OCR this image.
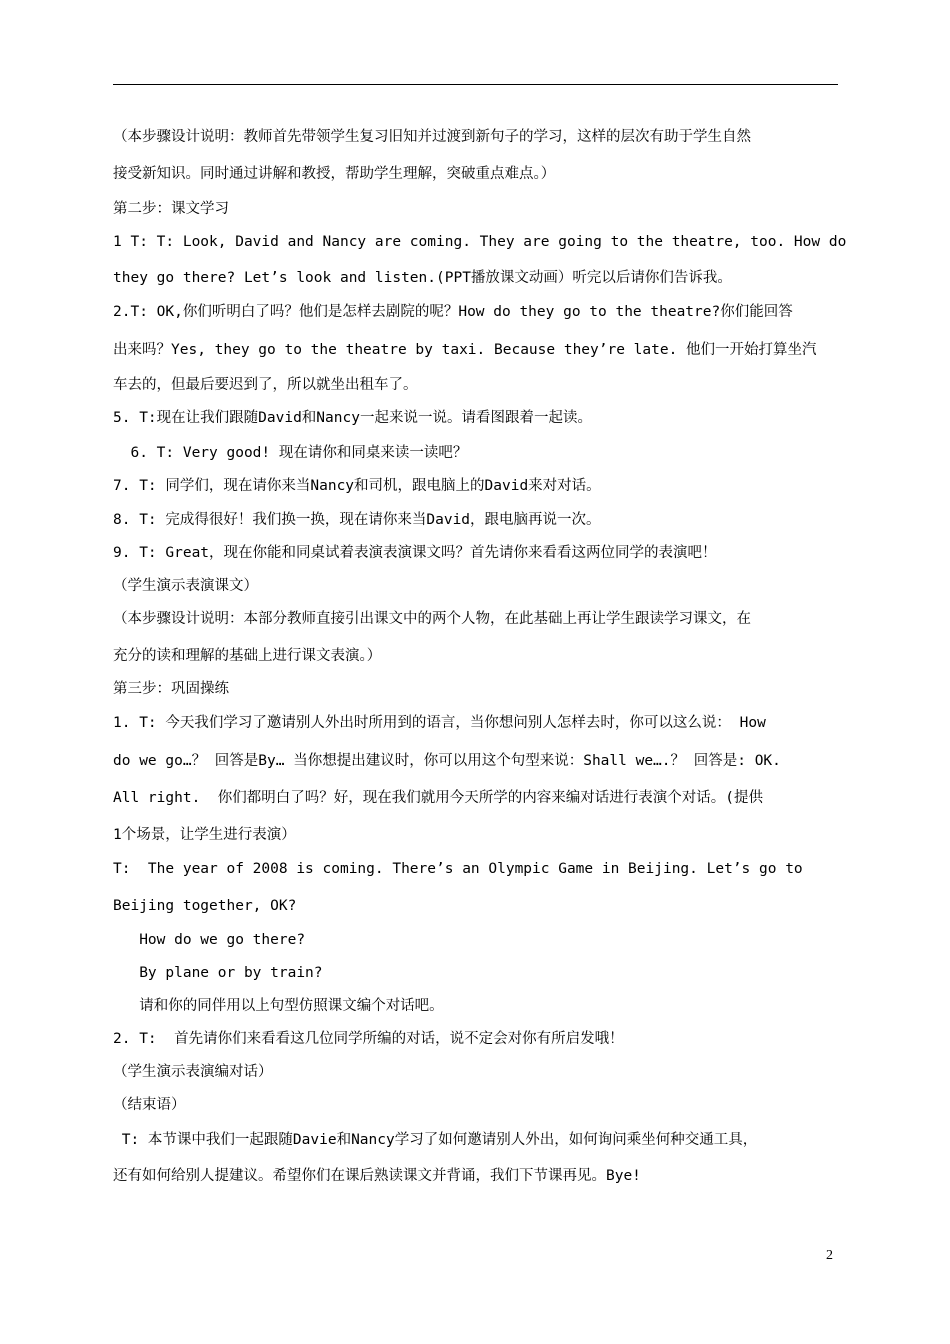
（本步骤设计说明：教师首先带领学生复习旧知并过渡到新句子的学习，这样的层次有助于学生自然
接受新知识。同时通过讲解和教授，帮助学生理解，突破重点难点。）
第二步：课文学习
1 T: T: Look, David and Nancy are coming. They are going to the theatre, too. How do
they go there? Let’s look and listen.(PPT播放课文动画）听完以后请你们告诉我。
2.T: OK,你们听明白了吗？他们是怎样去剧院的呢？How do they go to the theatre?你们能回答
出来吗？Yes, they go to the theatre by taxi. Because they’re late. 他们一开始打算坐汽
车去的，但最后要迟到了，所以就坐出租车了。
5. T:现在让我们跟随David和Nancy一起来说一说。请看图跟着一起读。
6. T: Very good! 现在请你和同桌来读一读吧？
7. T: 同学们，现在请你来当Nancy和司机，跟电脑上的David来对对话。
8. T: 完成得很好！我们换一换，现在请你来当David，跟电脑再说一次。
9. T: Great，现在你能和同桌试着表演表演课文吗？首先请你来看看这两位同学的表演吧！
（学生演示表演课文）
（本步骤设计说明：本部分教师直接引出课文中的两个人物，在此基础上再让学生跟读学习课文，在
充分的读和理解的基础上进行课文表演。）
第三步：巩固操练
1. T: 今天我们学习了邀请别人外出时所用到的语言，当你想问别人怎样去时，你可以这么说： How
do we go…？ 回答是By… 当你想提出建议时，你可以用这个句型来说：Shall we….？ 回答是: OK.
All right.  你们都明白了吗？好，现在我们就用今天所学的内容来编对话进行表演个对话。(提供
1个场景，让学生进行表演）
T:  The year of 2008 is coming. There’s an Olympic Game in Beijing. Let’s go to
Beijing together, OK?
How do we go there?
By plane or by train?
请和你的同伴用以上句型仿照课文编个对话吧。
2. T:  首先请你们来看看这几位同学所编的对话，说不定会对你有所启发哦！
（学生演示表演编对话）
（结束语）
T: 本节课中我们一起跟随Davie和Nancy学习了如何邀请别人外出，如何询问乘坐何种交通工具，
还有如何给别人提建议。希望你们在课后熟读课文并背诵，我们下节课再见。Bye!
2
